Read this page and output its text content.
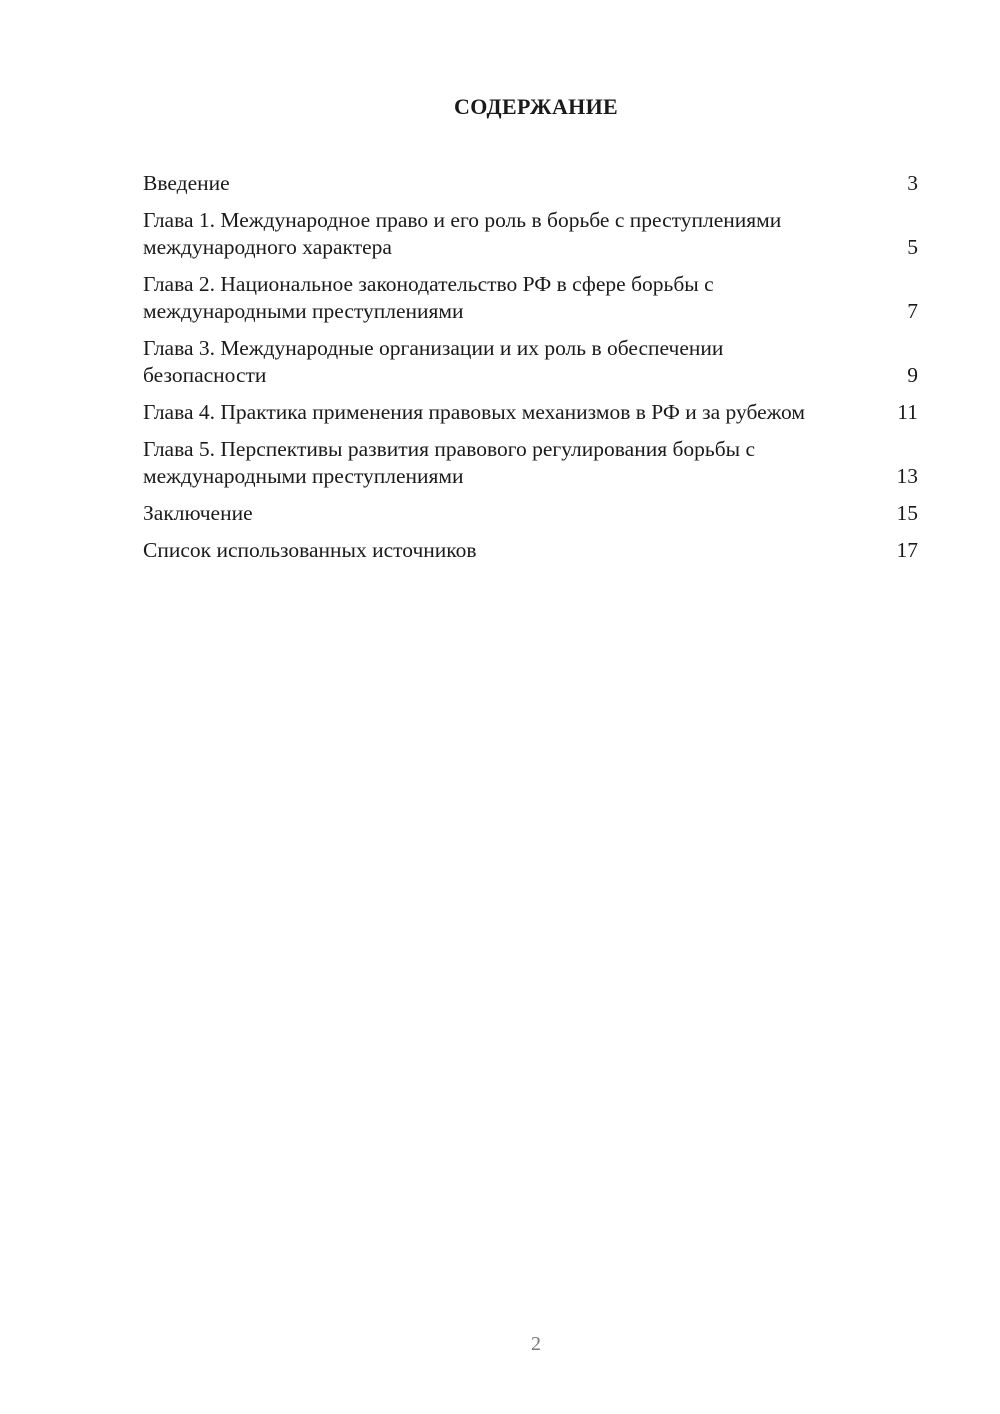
СОДЕРЖАНИЕ
Введение	3
Глава 1. Международное право и его роль в борьбе с преступлениями международного характера	5
Глава 2. Национальное законодательство РФ в сфере борьбы с международными преступлениями	7
Глава 3. Международные организации и их роль в обеспечении безопасности	9
Глава 4. Практика применения правовых механизмов в РФ и за рубежом	11
Глава 5. Перспективы развития правового регулирования борьбы с международными преступлениями	13
Заключение	15
Список использованных источников	17
2
